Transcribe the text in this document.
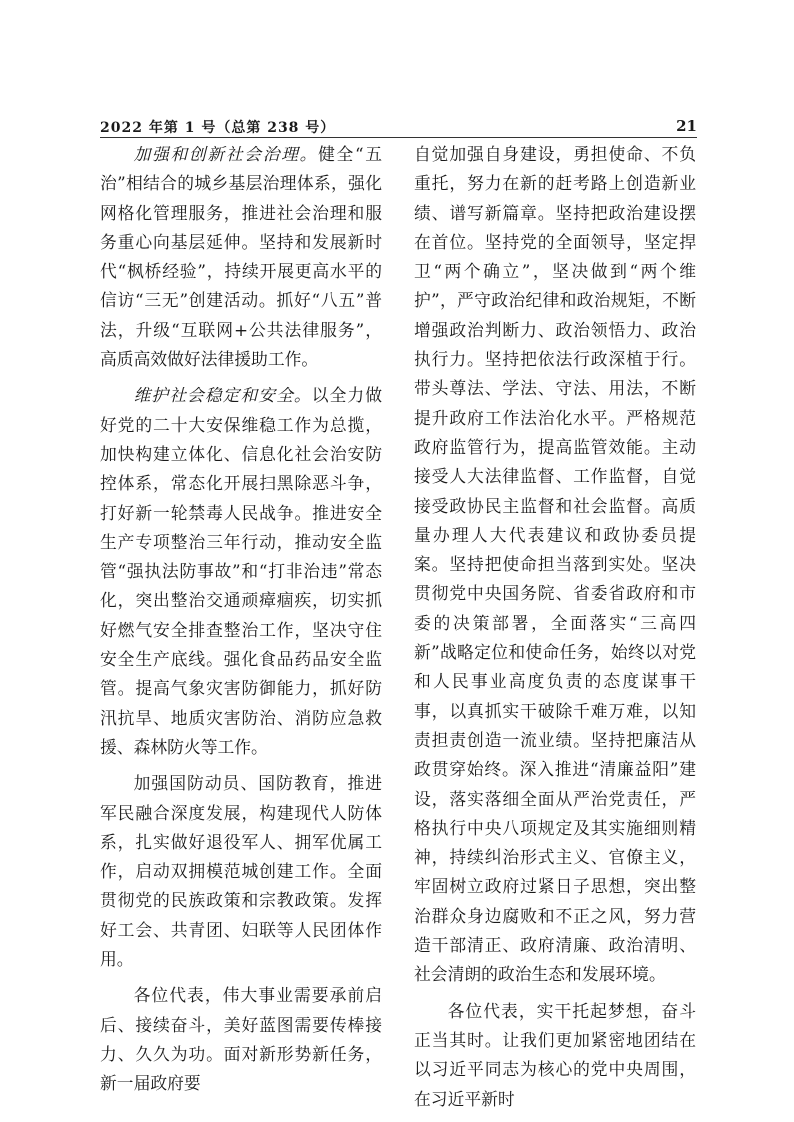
2022 年第 1 号（总第 238 号）	21

加强和创新社会治理。健全“五治”相结合的城乡基层治理体系，强化网格化管理服务，推进社会治理和服务重心向基层延伸。坚持和发展新时代“枫桥经验”，持续开展更高水平的信访“三无”创建活动。抓好“八五”普法，升级“互联网+公共法律服务”，高质高效做好法律援助工作。

维护社会稳定和安全。以全力做好党的二十大安保维稳工作为总揽，加快构建立体化、信息化社会治安防控体系，常态化开展扫黑除恶斗争，打好新一轮禁毒人民战争。推进安全生产专项整治三年行动，推动安全监管“强执法防事故”和“打非治违”常态化，突出整治交通顽瘴痼疾，切实抓好燃气安全排查整治工作，坚决守住安全生产底线。强化食品药品安全监管。提高气象灾害防御能力，抓好防汛抗旱、地质灾害防治、消防应急救援、森林防火等工作。

加强国防动员、国防教育，推进军民融合深度发展，构建现代人防体系，扎实做好退役军人、拥军优属工作，启动双拥模范城创建工作。全面贯彻党的民族政策和宗教政策。发挥好工会、共青团、妇联等人民团体作用。

各位代表，伟大事业需要承前启后、接续奋斗，美好蓝图需要传棒接力、久久为功。面对新形势新任务，新一届政府要

自觉加强自身建设，勇担使命、不负重托，努力在新的赶考路上创造新业绩、谱写新篇章。坚持把政治建设摆在首位。坚持党的全面领导，坚定捍卫“两个确立”，坚决做到“两个维护”，严守政治纪律和政治规矩，不断增强政治判断力、政治领悟力、政治执行力。坚持把依法行政深植于行。带头尊法、学法、守法、用法，不断提升政府工作法治化水平。严格规范政府监管行为，提高监管效能。主动接受人大法律监督、工作监督，自觉接受政协民主监督和社会监督。高质量办理人大代表建议和政协委员提案。坚持把使命担当落到实处。坚决贯彻党中央国务院、省委省政府和市委的决策部署，全面落实“三高四新”战略定位和使命任务，始终以对党和人民事业高度负责的态度谋事干事，以真抓实干破除千难万难，以知责担责创造一流业绩。坚持把廉洁从政贯穿始终。深入推进“清廉益阳”建设，落实落细全面从严治党责任，严格执行中央八项规定及其实施细则精神，持续纠治形式主义、官僚主义，牢固树立政府过紧日子思想，突出整治群众身边腐败和不正之风，努力营造干部清正、政府清廉、政治清明、社会清朗的政治生态和发展环境。

各位代表，实干托起梦想，奋斗正当其时。让我们更加紧密地团结在以习近平同志为核心的党中央周围，在习近平新时
